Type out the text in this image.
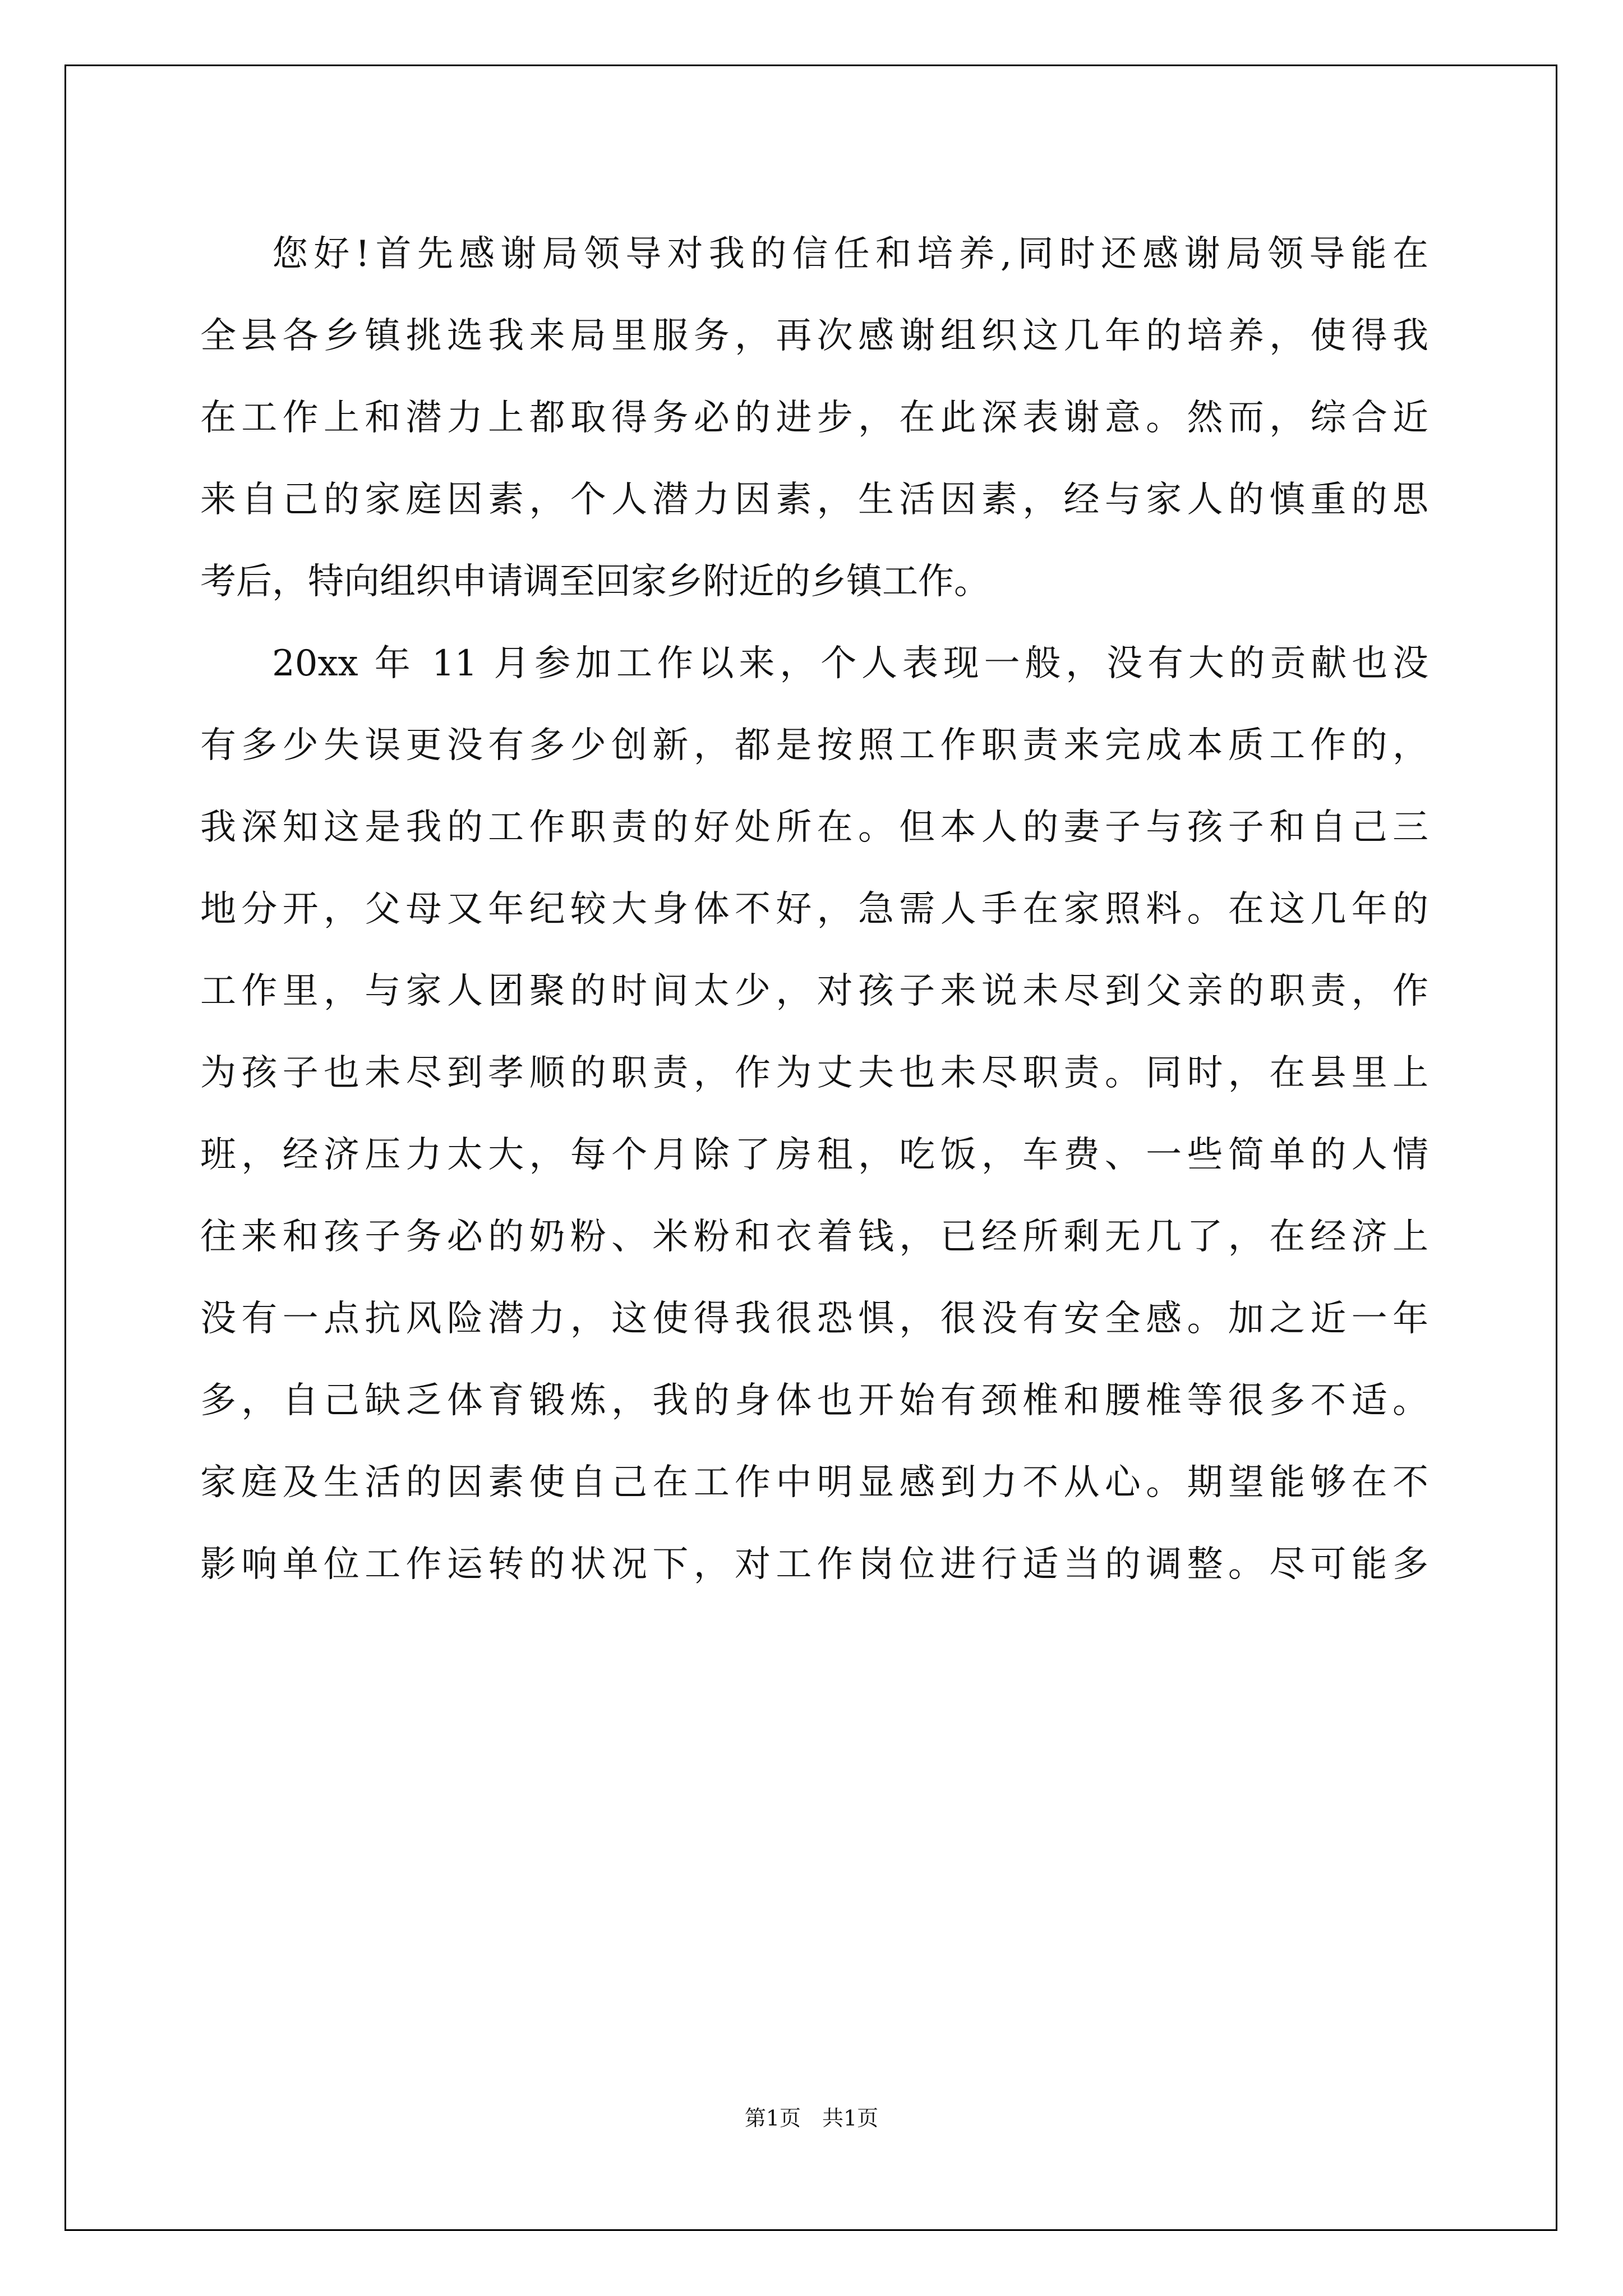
您好!首先感谢局领导对我的信任和培养,同时还感谢局领导能在
全县各乡镇挑选我来局里服务，再次感谢组织这几年的培养，使得我
在工作上和潜力上都取得务必的进步，在此深表谢意。然而，综合近
来自己的家庭因素，个人潜力因素，生活因素，经与家人的慎重的思
考后，特向组织申请调至回家乡附近的乡镇工作。
20xx 年 11 月参加工作以来，个人表现一般，没有大的贡献也没
有多少失误更没有多少创新，都是按照工作职责来完成本质工作的，
我深知这是我的工作职责的好处所在。但本人的妻子与孩子和自己三
地分开，父母又年纪较大身体不好，急需人手在家照料。在这几年的
工作里，与家人团聚的时间太少，对孩子来说未尽到父亲的职责，作
为孩子也未尽到孝顺的职责，作为丈夫也未尽职责。同时，在县里上
班，经济压力太大，每个月除了房租，吃饭，车费、一些简单的人情
往来和孩子务必的奶粉、米粉和衣着钱，已经所剩无几了，在经济上
没有一点抗风险潜力，这使得我很恐惧，很没有安全感。加之近一年
多，自己缺乏体育锻炼，我的身体也开始有颈椎和腰椎等很多不适。
家庭及生活的因素使自己在工作中明显感到力不从心。期望能够在不
影响单位工作运转的状况下，对工作岗位进行适当的调整。尽可能多
第1页　共1页
